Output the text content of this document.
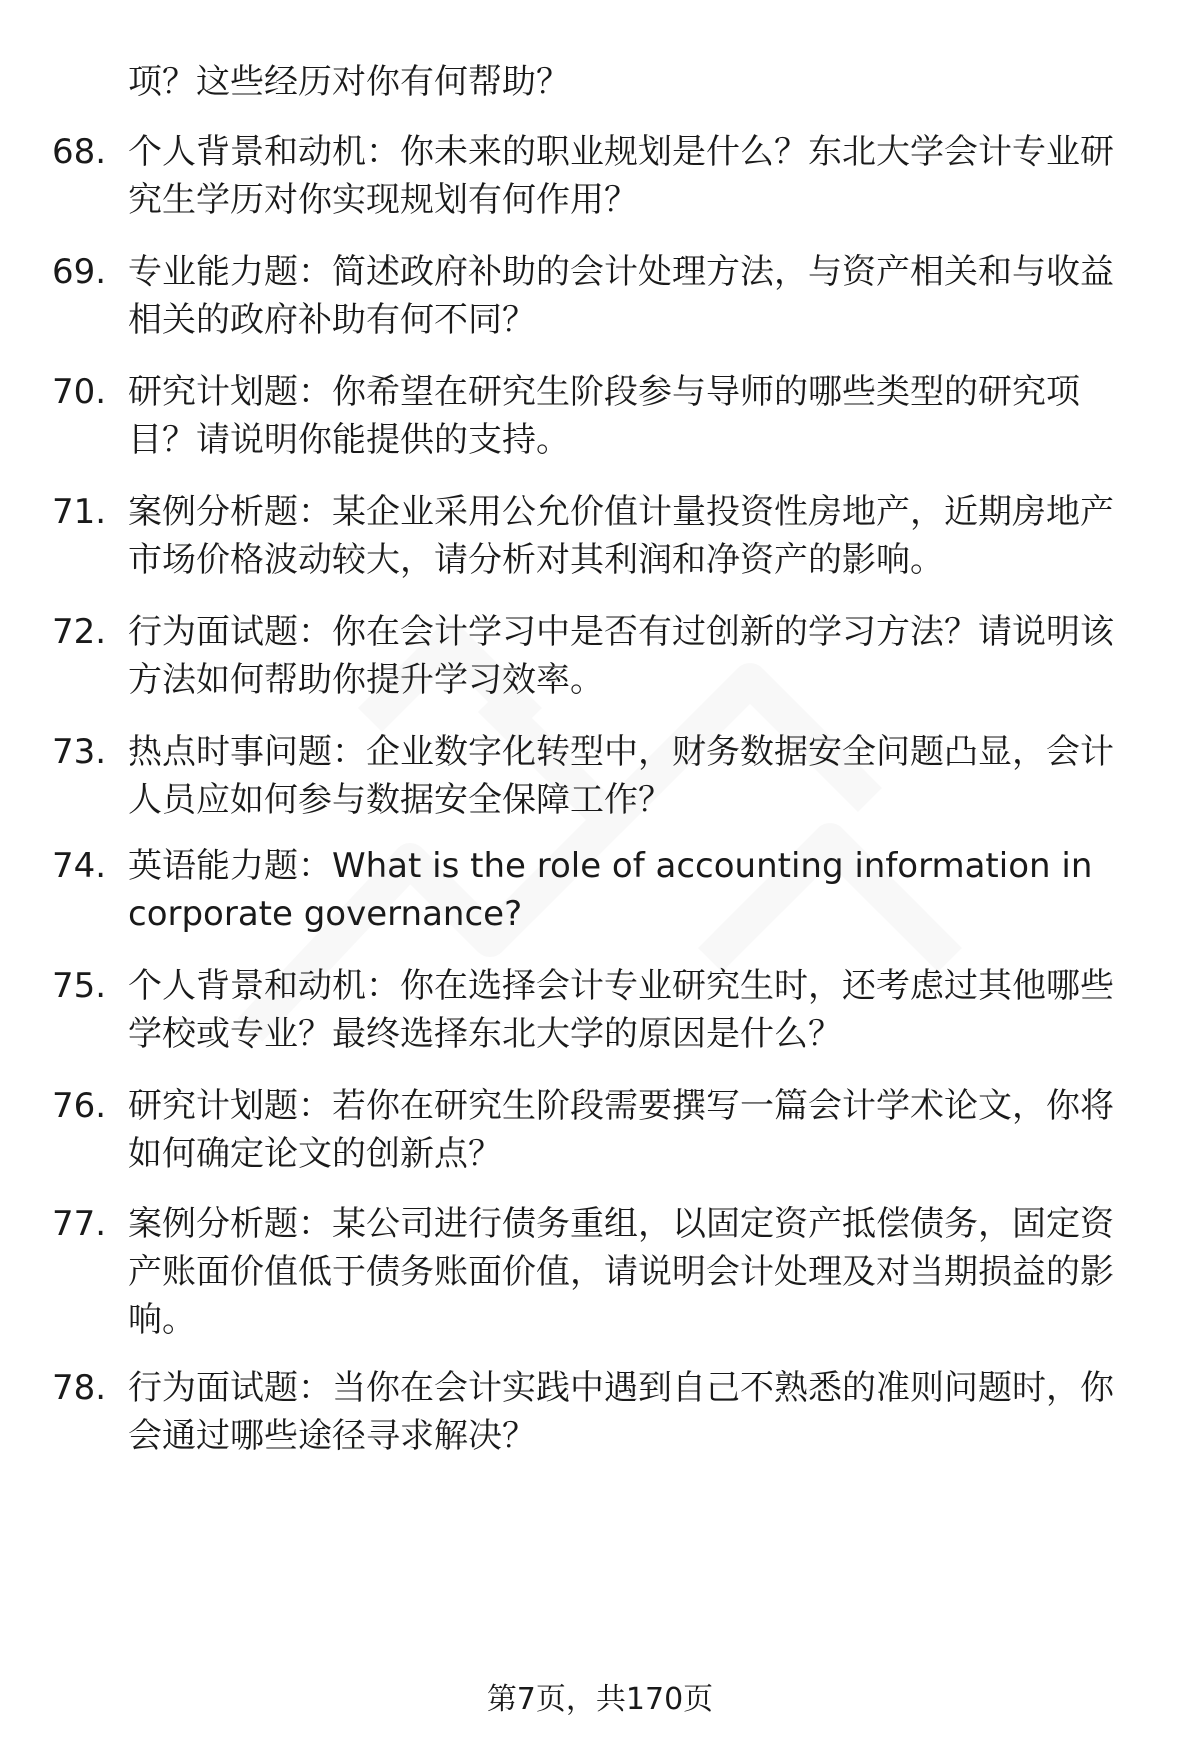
项？这些经历对你有何帮助？
68. 个人背景和动机：你未来的职业规划是什么？东北大学会计专业研究生学历对你实现规划有何作用？
69. 专业能力题：简述政府补助的会计处理方法，与资产相关和与收益相关的政府补助有何不同？
70. 研究计划题：你希望在研究生阶段参与导师的哪些类型的研究项目？请说明你能提供的支持。
71. 案例分析题：某企业采用公允价值计量投资性房地产，近期房地产市场价格波动较大，请分析对其利润和净资产的影响。
72. 行为面试题：你在会计学习中是否有过创新的学习方法？请说明该方法如何帮助你提升学习效率。
73. 热点时事问题：企业数字化转型中，财务数据安全问题凸显，会计人员应如何参与数据安全保障工作？
74. 英语能力题：What is the role of accounting information in corporate governance?
75. 个人背景和动机：你在选择会计专业研究生时，还考虑过其他哪些学校或专业？最终选择东北大学的原因是什么？
76. 研究计划题：若你在研究生阶段需要撰写一篇会计学术论文，你将如何确定论文的创新点？
77. 案例分析题：某公司进行债务重组，以固定资产抵偿债务，固定资产账面价值低于债务账面价值，请说明会计处理及对当期损益的影响。
78. 行为面试题：当你在会计实践中遇到自己不熟悉的准则问题时，你会通过哪些途径寻求解决？
第7页，共170页
